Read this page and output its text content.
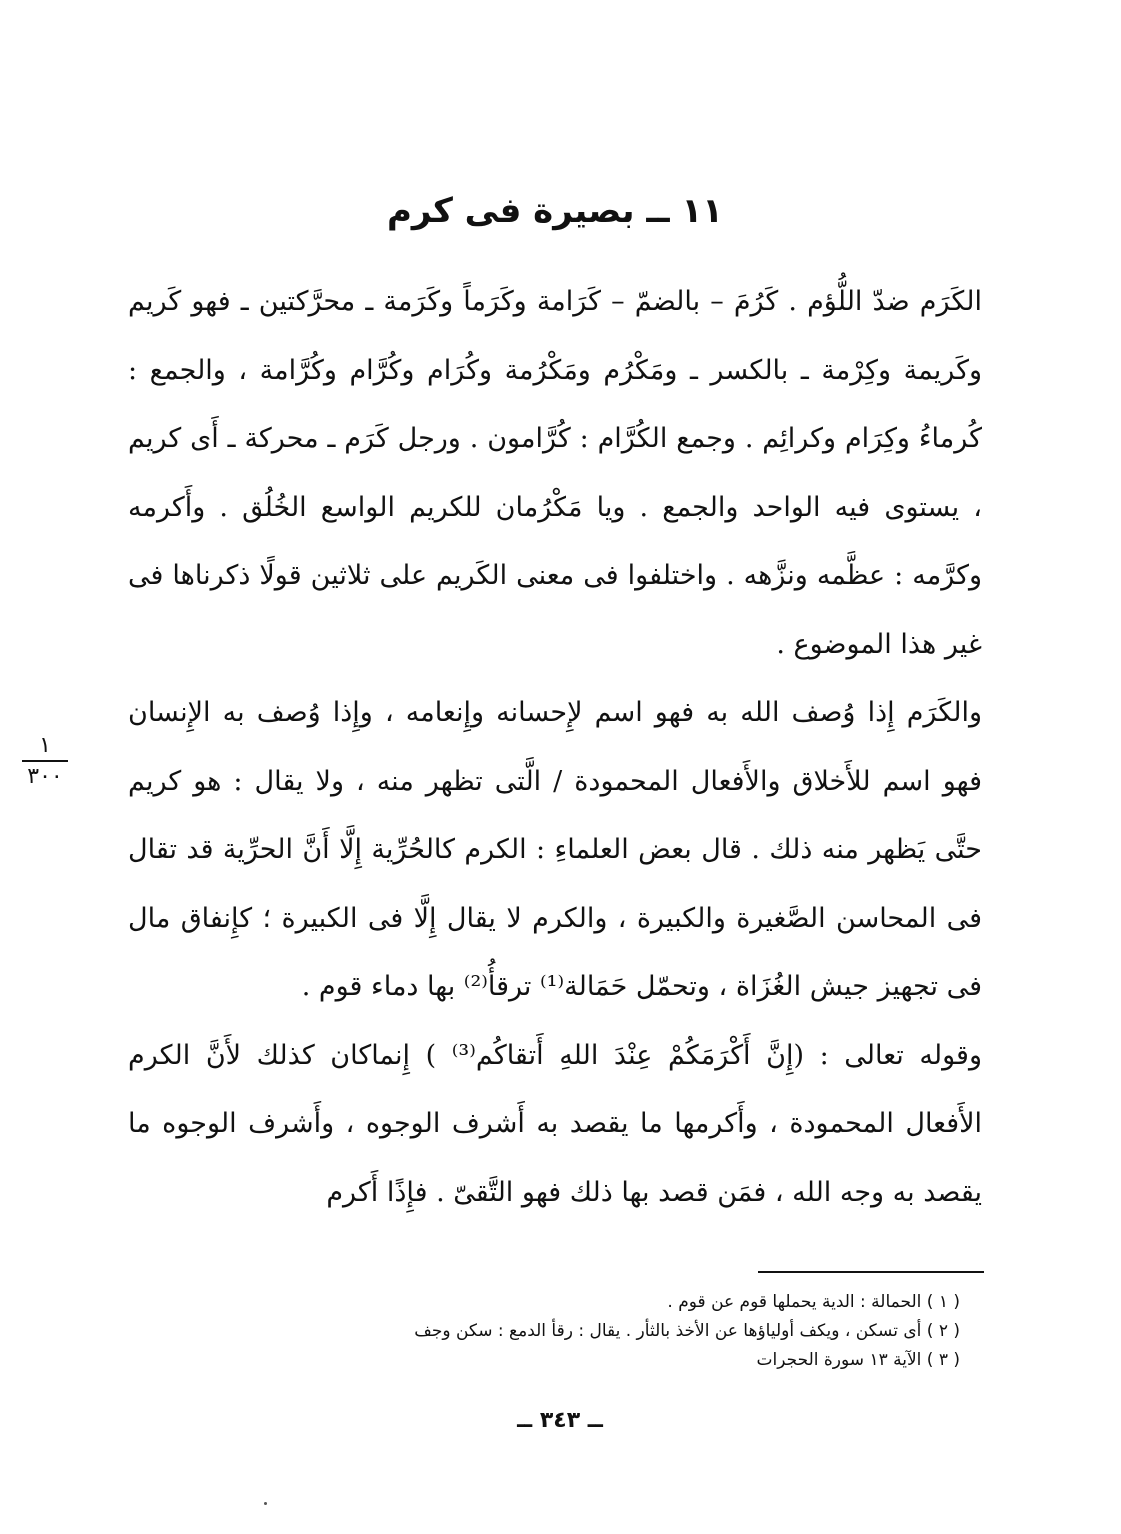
١١ ــ بصيرة فى كرم

الكَرَم ضدّ اللُّؤم . كَرُمَ – بالضمّ – كَرَامة وكَرَماً وكَرَمة ـ محرَّكتين ـ فهو كَريم وكَريمة وكِرْمة ـ بالكسر ـ ومَكْرُم ومَكْرُمة وكُرَام وكُرَّام وكُرَّامة ، والجمع : كُرماءُ وكِرَام وكرائِم . وجمع الكُرَّام : كُرَّامون . ورجل كَرَم ـ محركة ـ أَى كريم ، يستوى فيه الواحد والجمع . ويا مَكْرُمان للكريم الواسع الخُلُق . وأَكرمه وكرَّمه : عظَّمه ونزَّهه . واختلفوا فى معنى الكَريم على ثلاثين قولًا ذكرناها فى غير هذا الموضوع .

والكَرَم إِذا وُصف الله به فهو اسم لإِحسانه وإِنعامه ، وإِذا وُصف به الإِنسان فهو اسم للأَخلاق والأَفعال المحمودة / الَّتى تظهر منه ، ولا يقال : هو كريم حتَّى يَظهر منه ذلك . قال بعض العلماءِ : الكرم كالحُرِّية إِلَّا أَنَّ الحرِّية قد تقال فى المحاسن الصَّغيرة والكبيرة ، والكرم لا يقال إِلَّا فى الكبيرة ؛ كإِنفاق مال فى تجهيز جيش الغُزَاة ، وتحمّل حَمَالة⁽¹⁾ ترقأُ⁽²⁾ بها دماء قوم .

وقوله تعالى : (إِنَّ أَكْرَمَكُمْ عِنْدَ اللهِ أَتقاكُم⁽³⁾ ) إِنماكان كذلك لأَنَّ الكرم الأَفعال المحمودة ، وأَكرمها ما يقصد به أَشرف الوجوه ، وأَشرف الوجوه ما يقصد به وجه الله ، فمَن قصد بها ذلك فهو التَّقىّ . فإِذًا أَكرم

١
٣٠٠

( ١ ) الحمالة : الدية يحملها قوم عن قوم .

( ٢ ) أى تسكن ، ويكف أولياؤها عن الأخذ بالثأر . يقال : رقأ الدمع : سكن وجف

( ٣ ) الآية ١٣ سورة الحجرات

ــ ٣٤٣ ــ
